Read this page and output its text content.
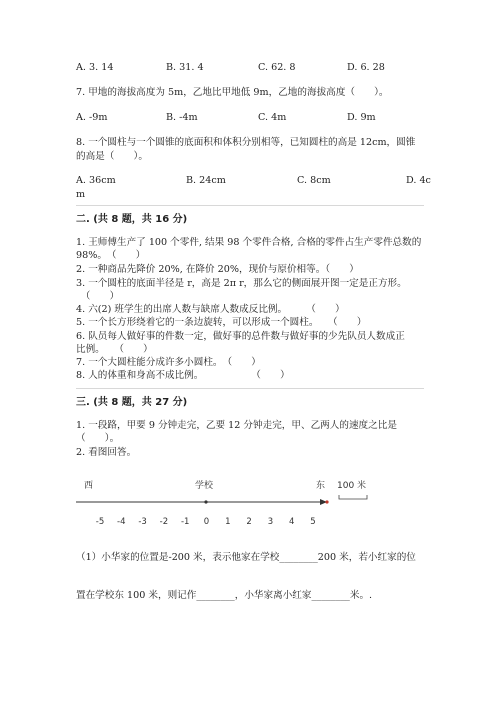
A. 3. 14	B. 31. 4	C. 62. 8	D. 6. 28
7. 甲地的海拔高度为 5m，乙地比甲地低 9m，乙地的海拔高度（　　）。
A. -9m	B. -4m	C. 4m	D. 9m
8. 一个圆柱与一个圆锥的底面积和体积分别相等，已知圆柱的高是 12cm，圆锥
的高是（　　）。
A. 36cm	B. 24cm	C. 8cm	D. 4c
m
二. (共 8 题，共 16 分)
1. 王师傅生产了 100 个零件, 结果 98 个零件合格, 合格的零件占生产零件总数的
98%。　（　　）
2. 一种商品先降价 20%, 在降价 20%，现价与原价相等。（　　）
3. 一个圆柱的底面半径是 r，高是 2π r，那么它的侧面展开图一定是正方形。
　（　　）
4. 六(2) 班学生的出席人数与缺席人数成反比例。　　　（　　）
5. 一个长方形绕着它的一条边旋转，可以形成一个圆柱。　　（　　）
6. 队员每人做好事的件数一定，做好事的总件数与做好事的少先队员人数成正
比例。　　（　　）
7. 一个大圆柱能分成许多小圆柱。　（　　）
8. 人的体重和身高不成比例。　　　　　　（　　）
三. (共 8 题，共 27 分)
1. 一段路，甲要 9 分钟走完，乙要 12 分钟走完，甲、乙两人的速度之比是
（　　）。
2. 看图回答。
西	学校	东 100 米
-5 -4 -3 -2 -1 0 1 2 3 4 5
（1）小华家的位置是-200 米，表示他家在学校________200 米，若小红家的位
置在学校东 100 米，则记作________，小华家离小红家________米。.
